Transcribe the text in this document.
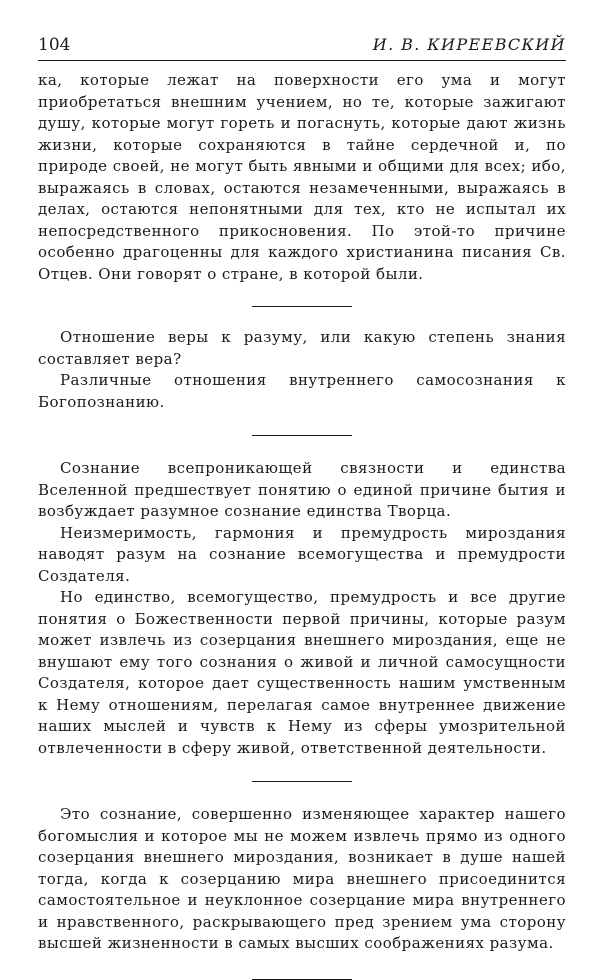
104	И. В. КИРЕЕВСКИЙ

ка, которые лежат на поверхности его ума и могут приобретаться внешним учением, но те, которые зажигают душу, которые могут гореть и погаснуть, которые дают жизнь жизни, которые сохраняются в тайне сердечной и, по природе своей, не могут быть явными и общими для всех; ибо, выражаясь в словах, остаются незамеченными, выражаясь в делах, остаются непонятными для тех, кто не испытал их непосредственного прикосновения. По этой-то причине особенно драгоценны для каждого христианина писания Св. Отцев. Они говорят о стране, в которой были.

Отношение веры к разуму, или какую степень знания составляет вера?

Различные отношения внутреннего самосознания к Богопознанию.

Сознание всепроникающей связности и единства Вселенной предшествует понятию о единой причине бытия и возбуждает разумное сознание единства Творца.

Неизмеримость, гармония и премудрость мироздания наводят разум на сознание всемогущества и премудрости Создателя.

Но единство, всемогущество, премудрость и все другие понятия о Божественности первой причины, которые разум может извлечь из созерцания внешнего мироздания, еще не внушают ему того сознания о живой и личной самосущности Создателя, которое дает существенность нашим умственным к Нему отношениям, перелагая самое внутреннее движение наших мыслей и чувств к Нему из сферы умозрительной отвлеченности в сферу живой, ответственной деятельности.

Это сознание, совершенно изменяющее характер нашего богомыслия и которое мы не можем извлечь прямо из одного созерцания внешнего мироздания, возникает в душе нашей тогда, когда к созерцанию мира внешнего присоединится самостоятельное и неуклонное созерцание мира внутреннего и нравственного, раскрывающего пред зрением ума сторону высшей жизненности в самых высших соображениях разума.
